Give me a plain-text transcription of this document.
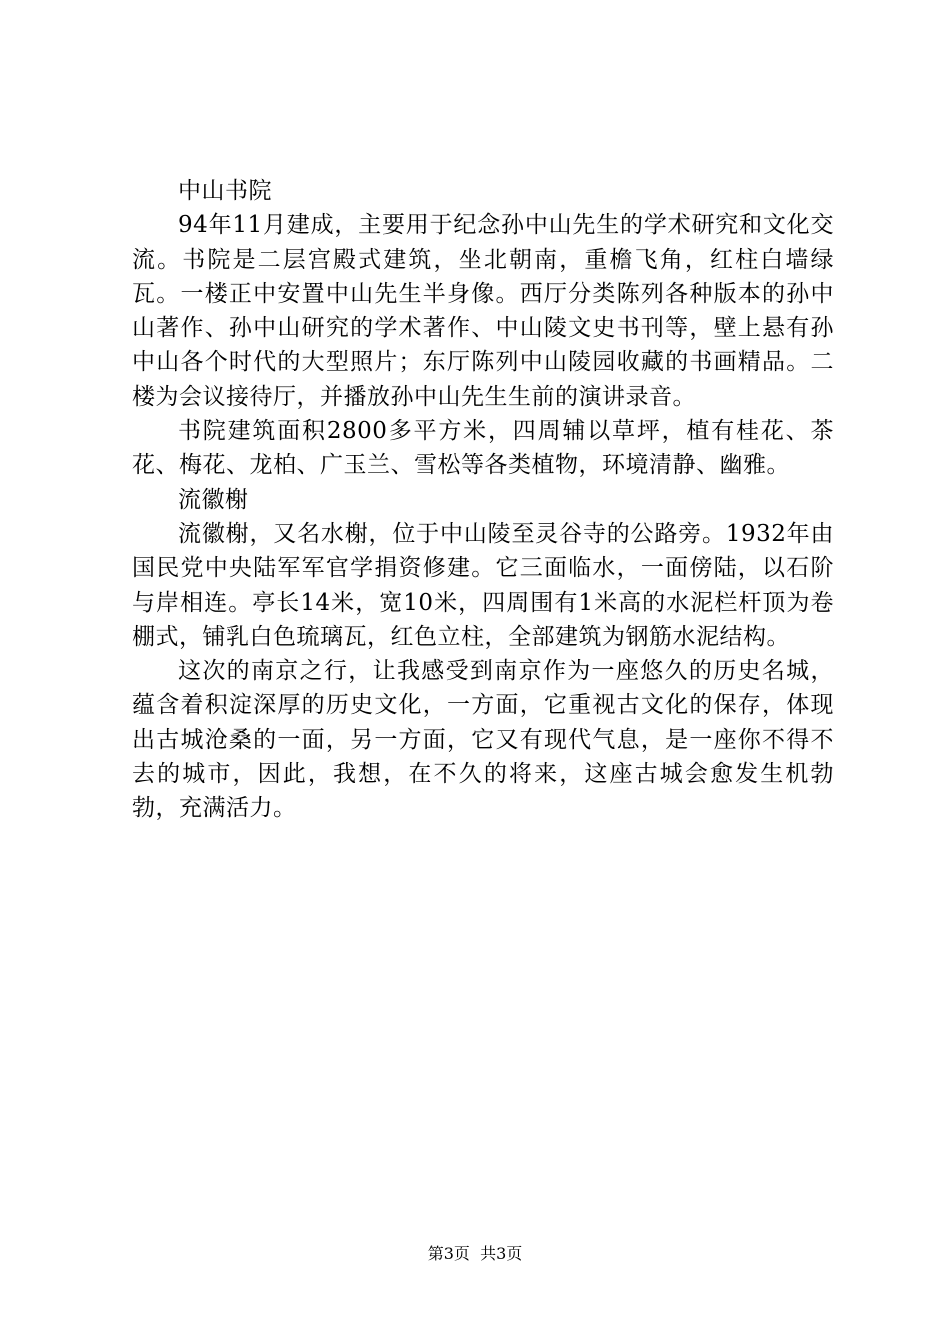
中山书院

94年11月建成，主要用于纪念孙中山先生的学术研究和文化交流。书院是二层宫殿式建筑，坐北朝南，重檐飞角，红柱白墙绿瓦。一楼正中安置中山先生半身像。西厅分类陈列各种版本的孙中山著作、孙中山研究的学术著作、中山陵文史书刊等，壁上悬有孙中山各个时代的大型照片；东厅陈列中山陵园收藏的书画精品。二楼为会议接待厅，并播放孙中山先生生前的演讲录音。

书院建筑面积2800多平方米，四周辅以草坪，植有桂花、茶花、梅花、龙柏、广玉兰、雪松等各类植物，环境清静、幽雅。

流徽榭

流徽榭，又名水榭，位于中山陵至灵谷寺的公路旁。1932年由国民党中央陆军军官学捐资修建。它三面临水，一面傍陆，以石阶与岸相连。亭长14米，宽10米，四周围有1米高的水泥栏杆顶为卷棚式，铺乳白色琉璃瓦，红色立柱，全部建筑为钢筋水泥结构。

这次的南京之行，让我感受到南京作为一座悠久的历史名城，蕴含着积淀深厚的历史文化，一方面，它重视古文化的保存，体现出古城沧桑的一面，另一方面，它又有现代气息，是一座你不得不去的城市，因此，我想，在不久的将来，这座古城会愈发生机勃勃，充满活力。

第3页 共3页
